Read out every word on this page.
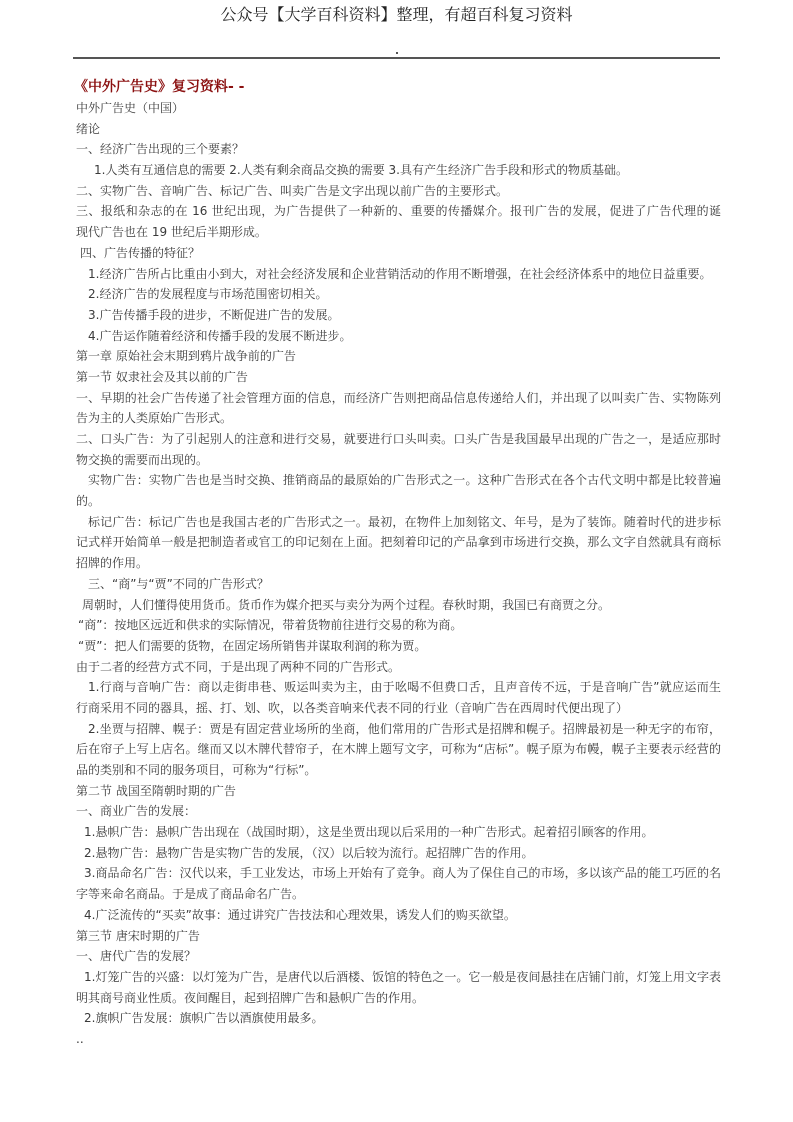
公众号【大学百科资料】整理，有超百科复习资料
《中外广告史》复习资料- -
中外广告史（中国）
绪论
一、经济广告出现的三个要素？
1.人类有互通信息的需要 2.人类有剩余商品交换的需要 3.具有产生经济广告手段和形式的物质基础。
二、实物广告、音响广告、标记广告、叫卖广告是文字出现以前广告的主要形式。
三、报纸和杂志的在 16 世纪出现，为广告提供了一种新的、重要的传播媒介。报刊广告的发展，促进了广告代理的诞
现代广告也在 19 世纪后半期形成。
四、广告传播的特征？
1.经济广告所占比重由小到大，对社会经济发展和企业营销活动的作用不断增强，在社会经济体系中的地位日益重要。
2.经济广告的发展程度与市场范围密切相关。
3.广告传播手段的进步，不断促进广告的发展。
4.广告运作随着经济和传播手段的发展不断进步。
第一章 原始社会末期到鸦片战争前的广告
第一节 奴隶社会及其以前的广告
一、早期的社会广告传递了社会管理方面的信息，而经济广告则把商品信息传递给人们，并出现了以叫卖广告、实物陈列
告为主的人类原始广告形式。
二、口头广告：为了引起别人的注意和进行交易，就要进行口头叫卖。口头广告是我国最早出现的广告之一，是适应那时
物交换的需要而出现的。
实物广告：实物广告也是当时交换、推销商品的最原始的广告形式之一。这种广告形式在各个古代文明中都是比较普遍
的。
标记广告：标记广告也是我国古老的广告形式之一。最初，在物件上加刻铭文、年号，是为了装饰。随着时代的进步标
记式样开始简单一般是把制造者或官工的印记刻在上面。把刻着印记的产品拿到市场进行交换，那么文字自然就具有商标
招牌的作用。
三、“商”与“贾”不同的广告形式？
周朝时，人们懂得使用货币。货币作为媒介把买与卖分为两个过程。春秋时期，我国已有商贾之分。
“商”：按地区远近和供求的实际情况，带着货物前往进行交易的称为商。
“贾”：把人们需要的货物，在固定场所销售并谋取利润的称为贾。
由于二者的经营方式不同，于是出现了两种不同的广告形式。
1.行商与音响广告：商以走街串巷、贩运叫卖为主，由于吆喝不但费口舌，且声音传不远，于是音响广告”就应运而生
行商采用不同的器具，摇、打、划、吹，以各类音响来代表不同的行业（音响广告在西周时代便出现了）
2.坐贾与招牌、幌子：贾是有固定营业场所的坐商，他们常用的广告形式是招牌和幌子。招牌最初是一种无字的布帘，
后在帘子上写上店名。继而又以木牌代替帘子，在木牌上题写文字，可称为“店标”。幌子原为布幔，幌子主要表示经营的
品的类别和不同的服务项目，可称为“行标”。
第二节 战国至隋朝时期的广告
一、商业广告的发展：
1.悬帜广告：悬帜广告出现在（战国时期），这是坐贾出现以后采用的一种广告形式。起着招引顾客的作用。
2.悬物广告：悬物广告是实物广告的发展，（汉）以后较为流行。起招牌广告的作用。
3.商品命名广告：汉代以来，手工业发达，市场上开始有了竞争。商人为了保住自己的市场，多以该产品的能工巧匠的名
字等来命名商品。于是成了商品命名广告。
4.广泛流传的“买卖”故事：通过讲究广告技法和心理效果，诱发人们的购买欲望。
第三节 唐宋时期的广告
一、唐代广告的发展？
1.灯笼广告的兴盛：以灯笼为广告，是唐代以后酒楼、饭馆的特色之一。它一般是夜间悬挂在店铺门前，灯笼上用文字表
明其商号商业性质。夜间醒目，起到招牌广告和悬帜广告的作用。
2.旗帜广告发展：旗帜广告以酒旗使用最多。
..
